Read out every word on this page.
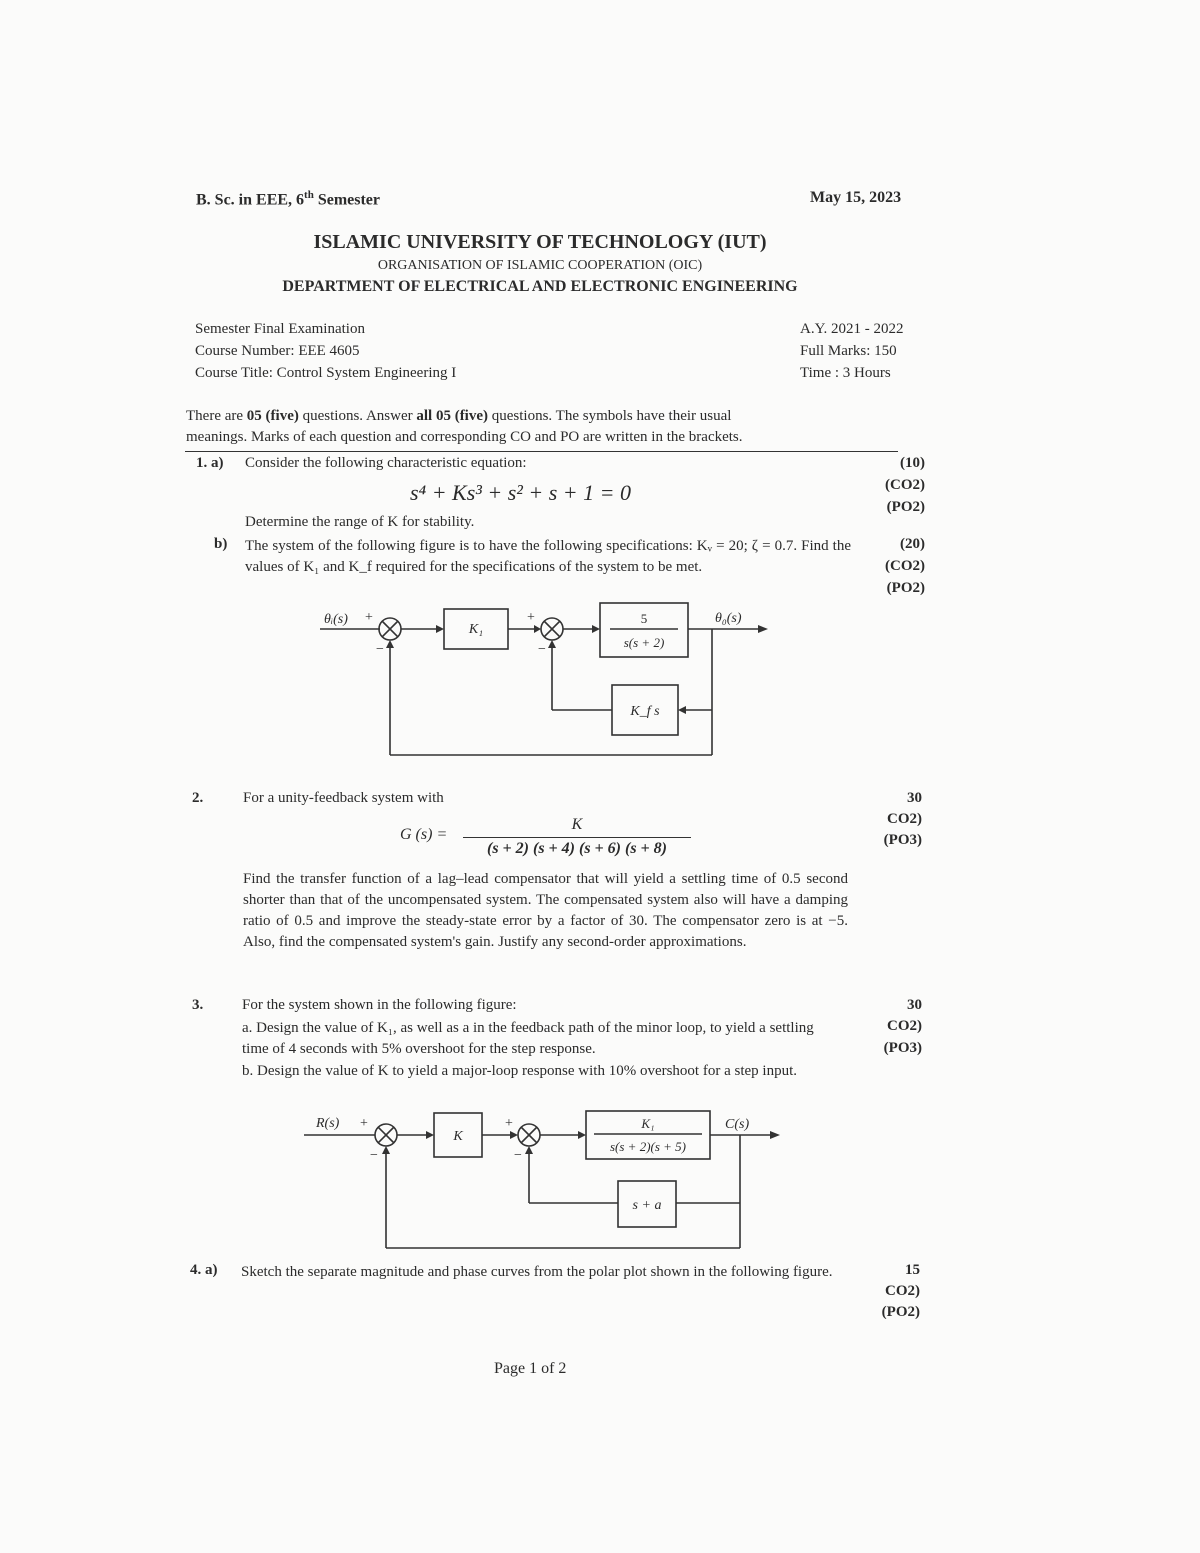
B. Sc. in EEE, 6th Semester	May 15, 2023
ISLAMIC UNIVERSITY OF TECHNOLOGY (IUT)
ORGANISATION OF ISLAMIC COOPERATION (OIC)
DEPARTMENT OF ELECTRICAL AND ELECTRONIC ENGINEERING
Semester Final Examination
Course Number: EEE 4605
Course Title: Control System Engineering I
A.Y. 2021 - 2022
Full Marks: 150
Time : 3 Hours
There are 05 (five) questions. Answer all 05 (five) questions. The symbols have their usual
meanings. Marks of each question and corresponding CO and PO are written in the brackets.
1. a) Consider the following characteristic equation:
s⁴ + Ks³ + s² + s + 1 = 0
Determine the range of K for stability.
(10)
(CO2)
(PO2)
b) The system of the following figure is to have the following specifications: Kᵥ = 20; ζ = 0.7. Find the values of K₁ and K_f required for the specifications of the system to be met.
(20)
(CO2)
(PO2)
θᵢ(s) +
−
K₁
+
−
5
s(s + 2)
θ₀(s)
K_f s
2.	For a unity-feedback system with
G (s) =
K
(s + 2) (s + 4) (s + 6) (s + 8)
Find the transfer function of a lag–lead compensator that will yield a settling time of 0.5 second shorter than that of the uncompensated system. The compensated system also will have a damping ratio of 0.5 and improve the steady-state error by a factor of 30. The compensator zero is at −5. Also, find the compensated system's gain. Justify any second-order approximations.
30
CO2)
(PO3)
3.	For the system shown in the following figure:
a. Design the value of K₁, as well as a in the feedback path of the minor loop, to yield a settling time of 4 seconds with 5% overshoot for the step response.
b. Design the value of K to yield a major-loop response with 10% overshoot for a step input.
30
CO2)
(PO3)
R(s) +
−
K
+
−
K₁
s(s + 2)(s + 5)
C(s)
s + a
4. a) Sketch the separate magnitude and phase curves from the polar plot shown in the following figure.	15
CO2)
(PO2)
Page 1 of 2
